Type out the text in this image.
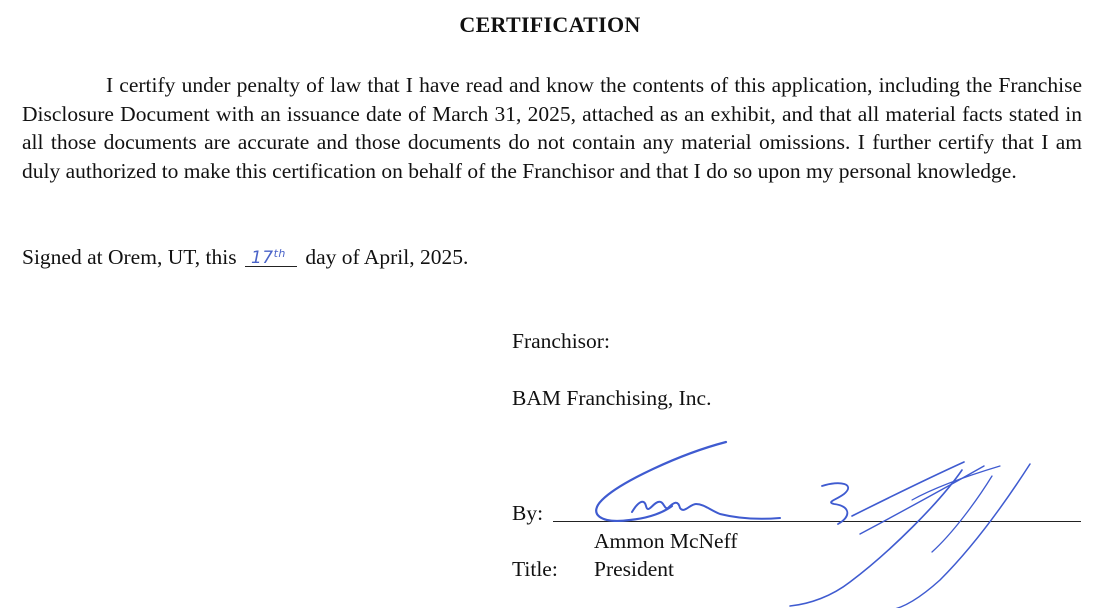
CERTIFICATION

I certify under penalty of law that I have read and know the contents of this application, including the Franchise Disclosure Document with an issuance date of March 31, 2025, attached as an exhibit, and that all material facts stated in all those documents are accurate and those documents do not contain any material omissions. I further certify that I am duly authorized to make this certification on behalf of the Franchisor and that I do so upon my personal knowledge.

Signed at Orem, UT, this 17th day of April, 2025.
Franchisor:
BAM Franchising, Inc.
By:
Ammon McNeff
Title: President
